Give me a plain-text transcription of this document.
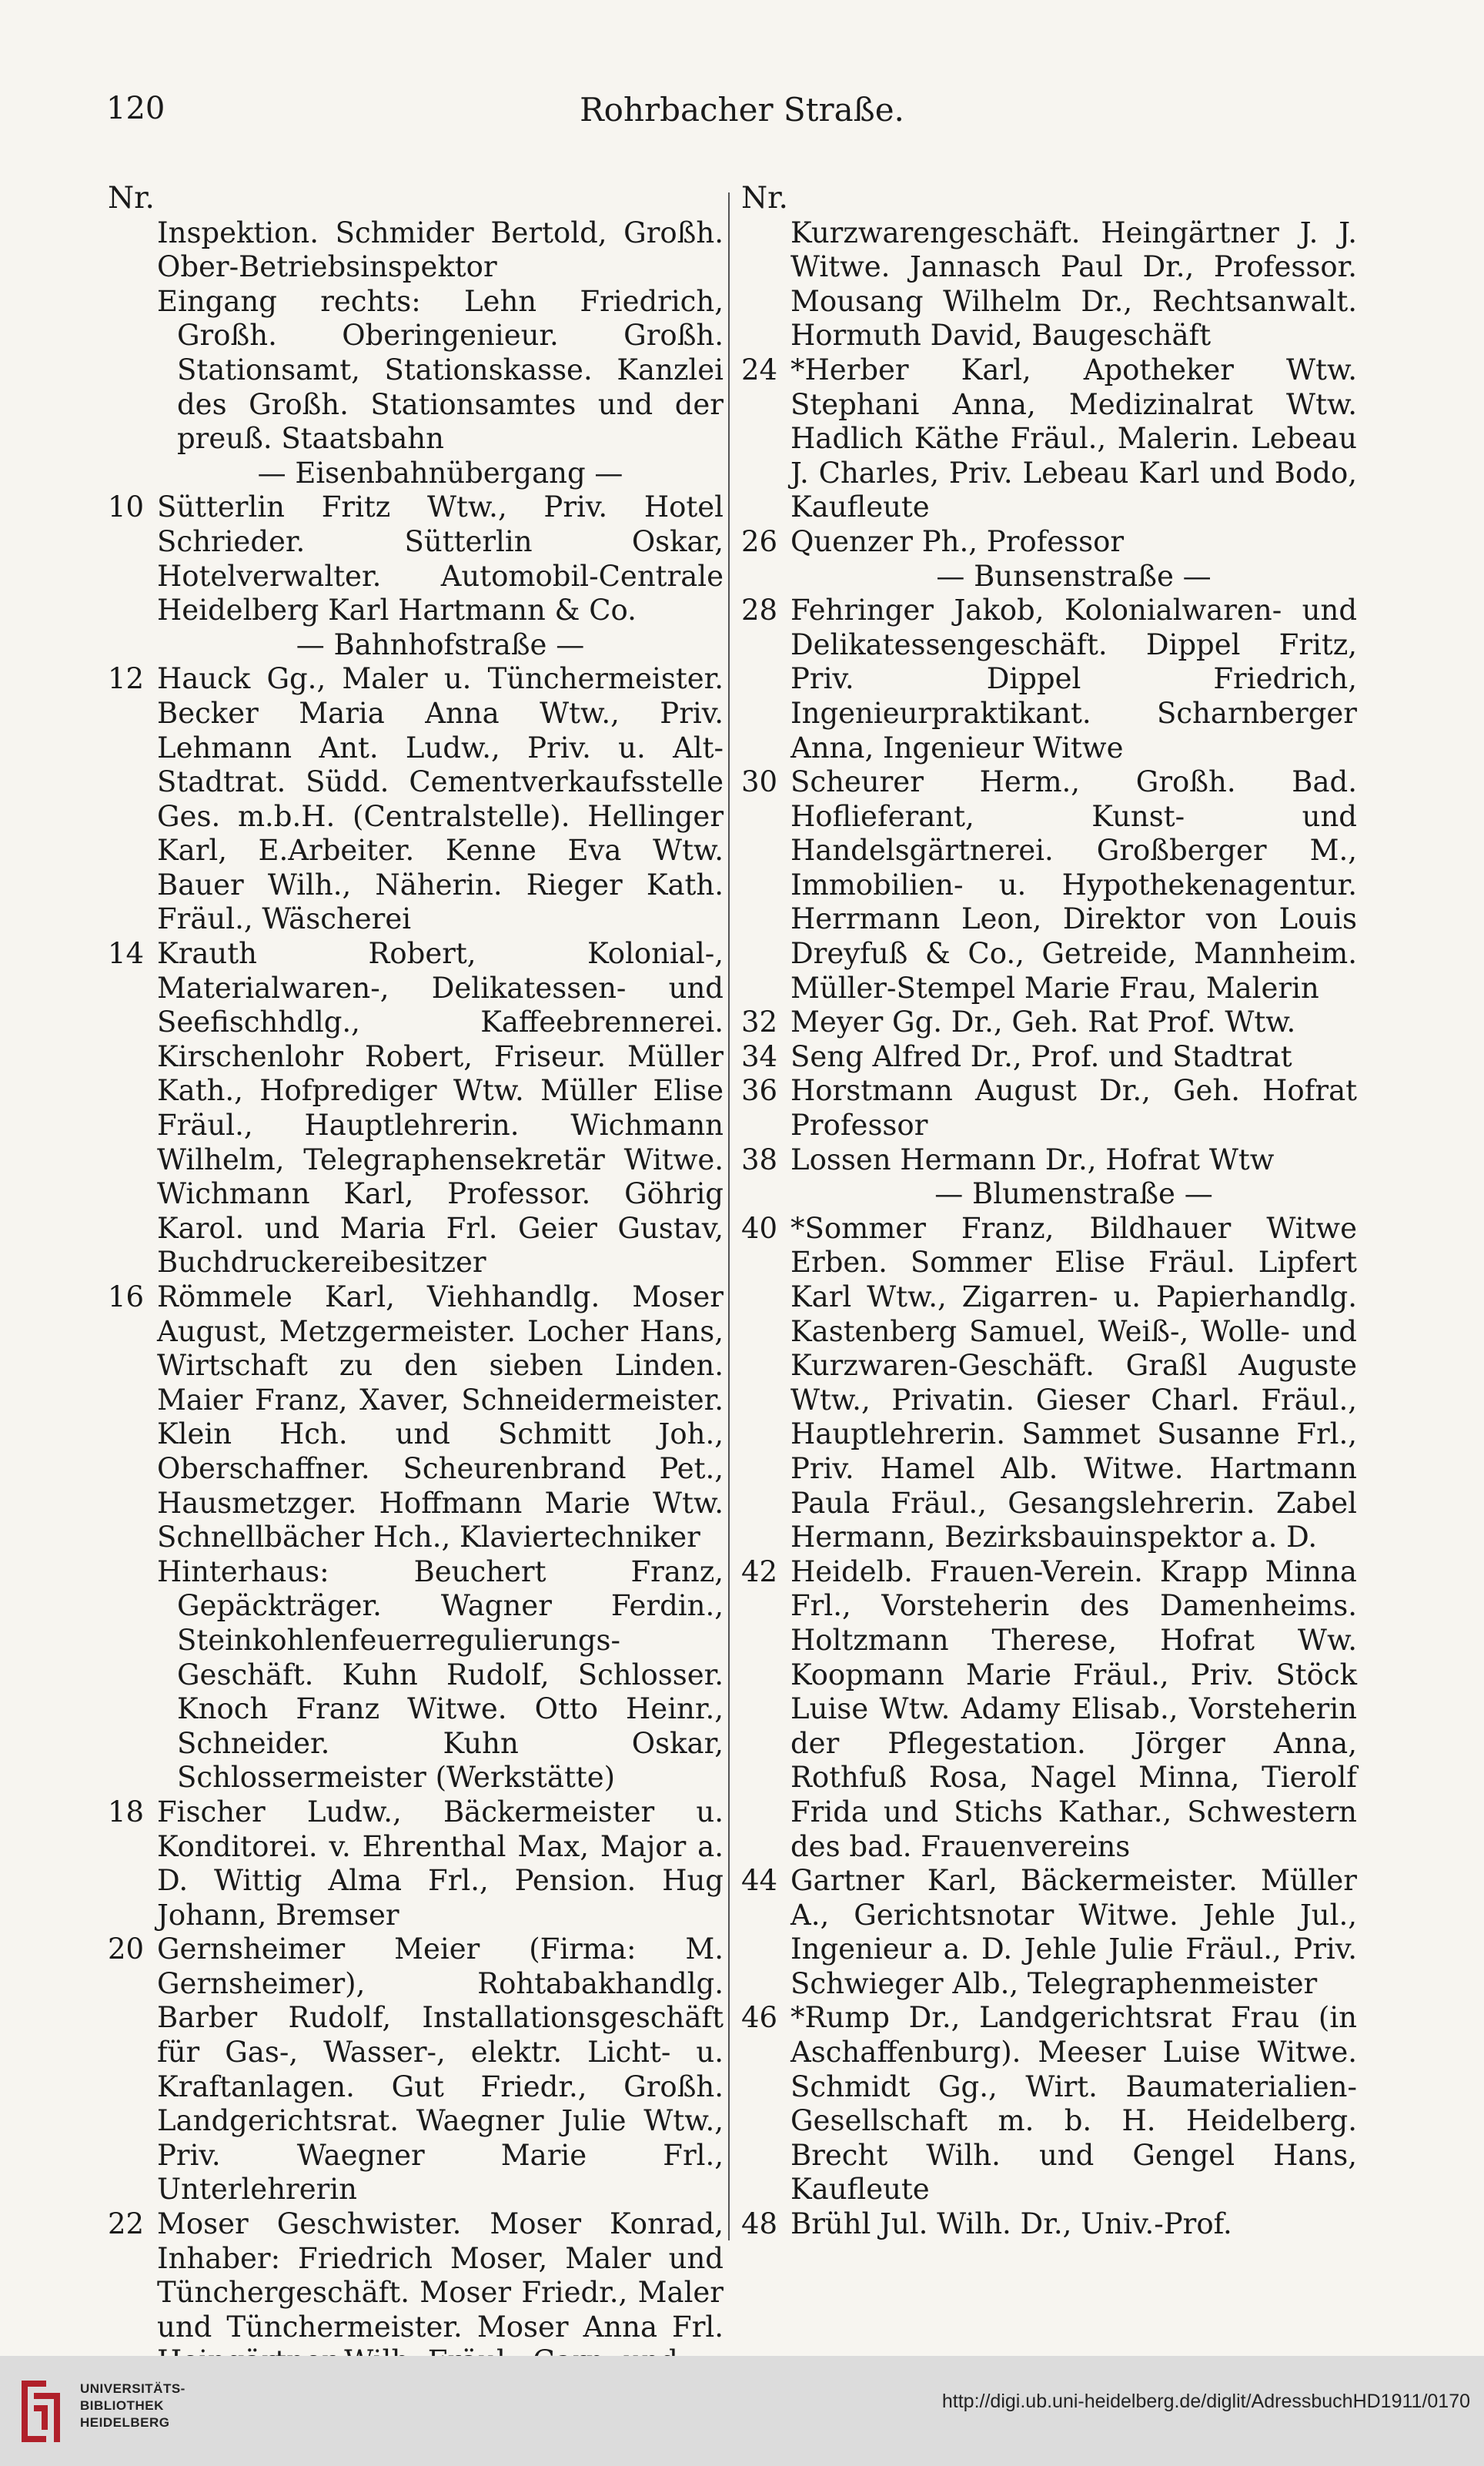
120	Rohrbacher Straße.
Nr.
Inspektion. Schmider Bertold, Großh. Ober-Betriebsinspektor
Eingang rechts: Lehn Friedrich, Großh. Oberingenieur. Großh. Stationsamt, Stationskasse. Kanzlei des Großh. Stationsamtes und der preuß. Staatsbahn
— Eisenbahnübergang —
10 Sütterlin Fritz Wtw., Priv. Hotel Schrieder. Sütterlin Oskar, Hotelverwalter. Automobil-Centrale Heidelberg Karl Hartmann & Co.
— Bahnhofstraße —
12 Hauck Gg., Maler u. Tünchermeister. Becker Maria Anna Wtw., Priv. Lehmann Ant. Ludw., Priv. u. Alt-Stadtrat. Südd. Cementverkaufsstelle Ges. m.b.H. (Centralstelle). Hellinger Karl, E.Arbeiter. Kenne Eva Wtw. Bauer Wilh., Näherin. Rieger Kath. Fräul., Wäscherei
14 Krauth Robert, Kolonial-, Materialwaren-, Delikatessen- und Seefischhdlg., Kaffeebrennerei. Kirschenlohr Robert, Friseur. Müller Kath., Hofprediger Wtw. Müller Elise Fräul., Hauptlehrerin. Wichmann Wilhelm, Telegraphensekretär Witwe. Wichmann Karl, Professor. Göhrig Karol. und Maria Frl. Geier Gustav, Buchdruckereibesitzer
16 Römmele Karl, Viehhandlg. Moser August, Metzgermeister. Locher Hans, Wirtschaft zu den sieben Linden. Maier Franz, Xaver, Schneidermeister. Klein Hch. und Schmitt Joh., Oberschaffner. Scheurenbrand Pet., Hausmetzger. Hoffmann Marie Wtw. Schnellbächer Hch., Klaviertechniker
Hinterhaus: Beuchert Franz, Gepäckträger. Wagner Ferdin., Steinkohlenfeuerregulierungs-Geschäft. Kuhn Rudolf, Schlosser. Knoch Franz Witwe. Otto Heinr., Schneider. Kuhn Oskar, Schlossermeister (Werkstätte)
18 Fischer Ludw., Bäckermeister u. Konditorei. v. Ehrenthal Max, Major a. D. Wittig Alma Frl., Pension. Hug Johann, Bremser
20 Gernsheimer Meier (Firma: M. Gernsheimer), Rohtabakhandlg. Barber Rudolf, Installationsgeschäft für Gas-, Wasser-, elektr. Licht- u. Kraftanlagen. Gut Friedr., Großh. Landgerichtsrat. Waegner Julie Wtw., Priv. Waegner Marie Frl., Unterlehrerin
22 Moser Geschwister. Moser Konrad, Inhaber: Friedrich Moser, Maler und Tünchergeschäft. Moser Friedr., Maler und Tünchermeister. Moser Anna Frl.
Nr.
Kurzwarengeschäft. Heingärtner J. J. Witwe. Jannasch Paul Dr., Professor. Mousang Wilhelm Dr., Rechtsanwalt. Hormuth David, Baugeschäft
24 *Herber Karl, Apotheker Wtw. Stephani Anna, Medizinalrat Wtw. Hadlich Käthe Fräul., Malerin. Lebeau J. Charles, Priv. Lebeau Karl und Bodo, Kaufleute
26 Quenzer Ph., Professor
— Bunsenstraße —
28 Fehringer Jakob, Kolonialwaren- und Delikatessengeschäft. Dippel Fritz, Priv. Dippel Friedrich, Ingenieurpraktikant. Scharnberger Anna, Ingenieur Witwe
30 Scheurer Herm., Großh. Bad. Hoflieferant, Kunst- und Handelsgärtnerei. Großberger M., Immobilien- u. Hypothekenagentur. Herrmann Leon, Direktor von Louis Dreyfuß & Co., Getreide, Mannheim. Müller-Stempel Marie Frau, Malerin
32 Meyer Gg. Dr., Geh. Rat Prof. Wtw.
34 Seng Alfred Dr., Prof. und Stadtrat
36 Horstmann August Dr., Geh. Hofrat Professor
38 Lossen Hermann Dr., Hofrat Wtw
— Blumenstraße —
40 *Sommer Franz, Bildhauer Witwe Erben. Sommer Elise Fräul. Lipfert Karl Wtw., Zigarren- u. Papierhandlg. Kastenberg Samuel, Weiß-, Wolle- und Kurzwaren-Geschäft. Graßl Auguste Wtw., Privatin. Gieser Charl. Fräul., Hauptlehrerin. Sammet Susanne Frl., Priv. Hamel Alb. Witwe. Hartmann Paula Fräul., Gesangslehrerin. Zabel Hermann, Bezirksbauinspektor a. D.
42 Heidelb. Frauen-Verein. Krapp Minna Frl., Vorsteherin des Damenheims. Holtzmann Therese, Hofrat Ww. Koopmann Marie Fräul., Priv. Stöck Luise Wtw. Adamy Elisab., Vorsteherin der Pflegestation. Jörger Anna, Rothfuß Rosa, Nagel Minna, Tierolf Frida und Stichs Kathar., Schwestern des bad. Frauenvereins
44 Gartner Karl, Bäckermeister. Müller A., Gerichtsnotar Witwe. Jehle Jul., Ingenieur a. D. Jehle Julie Fräul., Priv. Schwieger Alb., Telegraphenmeister
46 *Rump Dr., Landgerichtsrat Frau (in Aschaffenburg). Meeser Luise Witwe. Schmidt Gg., Wirt. Baumaterialien-Gesellschaft m. b. H. Heidelberg. Brecht Wilh. und Gengel Hans, Kaufleute
48 Brühl Jul. Wilh. Dr., Univ.-Prof.
UNIVERSITÄTS-
BIBLIOTHEK
HEIDELBERG
http://digi.ub.uni-heidelberg.de/diglit/AdressbuchHD1911/0170
